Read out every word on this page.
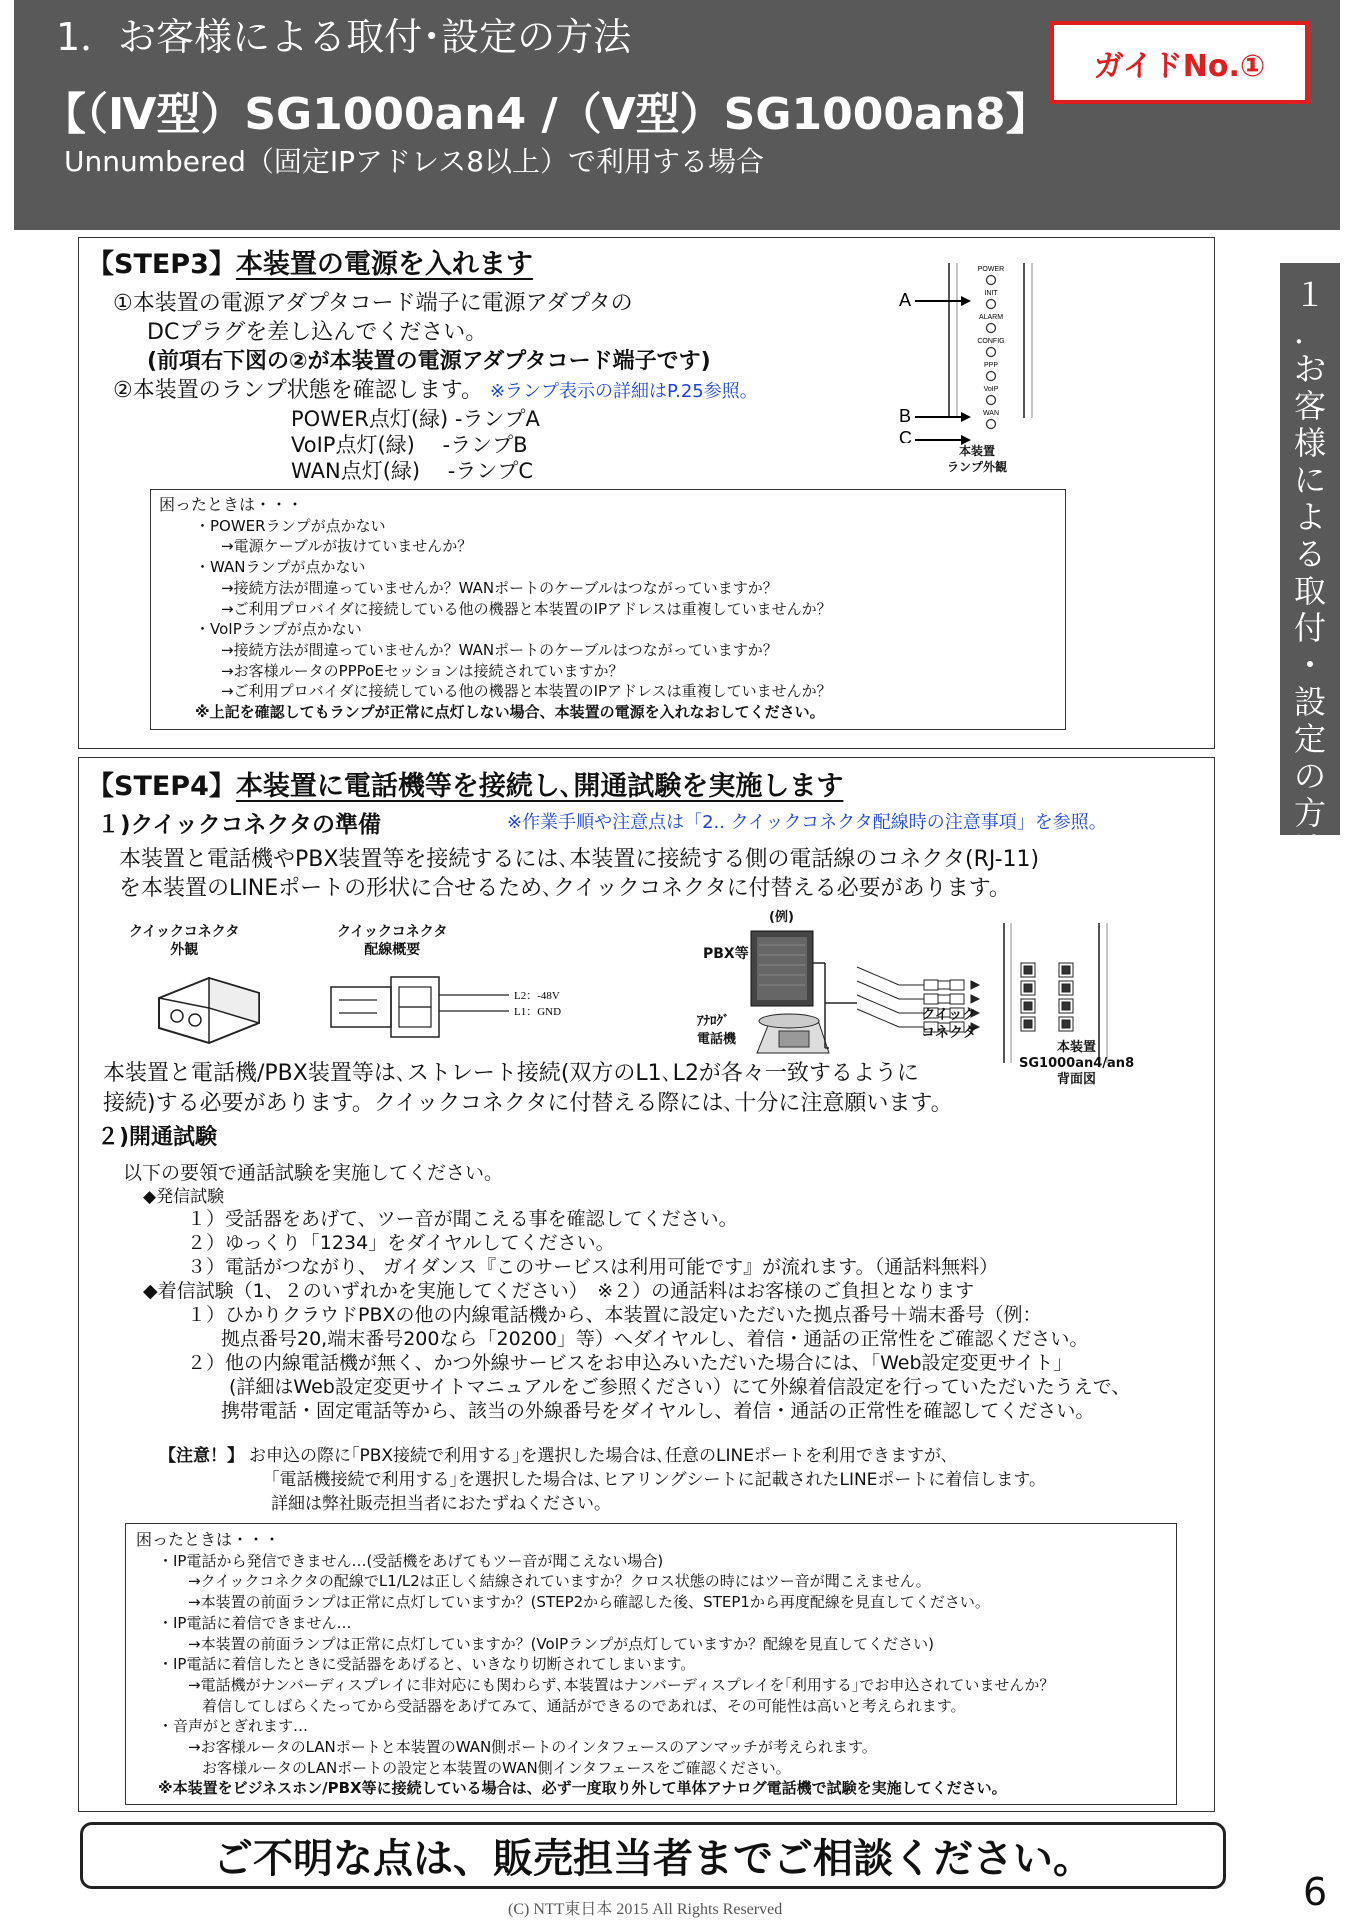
1．お客様による取付･設定の方法
【（Ⅳ型）SG1000an4 /（Ⅴ型）SG1000an8】
Unnumbered（固定IPアドレス8以上）で利用する場合
ガイドNo.①
１
．
お
客
様
に
よ
る
取
付
・
設
定
の
方
法
【STEP3】本装置の電源を入れます
①本装置の電源アダプタコード端子に電源アダプタの
DCプラグを差し込んでください。
(前項右下図の②が本装置の電源アダプタコード端子です)
②本装置のランプ状態を確認します。 ※ランプ表示の詳細はP.25参照。
POWER点灯(緑) -ランプA
VoIP点灯(緑)　 -ランプB
WAN点灯(緑)　 -ランプC
POWER
INIT
ALARM
CONFIG
PPP
VoIP
WAN
A
B
C
本装置
ランプ外観
困ったときは・・・
・POWERランプが点かない
→電源ケーブルが抜けていませんか？
・WANランプが点かない
→接続方法が間違っていませんか？WANポートのケーブルはつながっていますか？
→ご利用プロバイダに接続している他の機器と本装置のIPアドレスは重複していませんか？
・VoIPランプが点かない
→接続方法が間違っていませんか？WANポートのケーブルはつながっていますか？
→お客様ルータのPPPoEセッションは接続されていますか？
→ご利用プロバイダに接続している他の機器と本装置のIPアドレスは重複していませんか？
※上記を確認してもランプが正常に点灯しない場合、本装置の電源を入れなおしてください。
【STEP4】本装置に電話機等を接続し､開通試験を実施します
１)クイックコネクタの準備	※作業手順や注意点は「2.. クイックコネクタ配線時の注意事項」を参照。
本装置と電話機やPBX装置等を接続するには､本装置に接続する側の電話線のコネクタ(RJ-11)
を本装置のLINEポートの形状に合せるため､クイックコネクタに付替える必要があります。
クイックコネクタ
外観
クイックコネクタ
配線概要
L2：-48V
L1：GND
(例)
PBX等
ｱﾅﾛｸﾞ
電話機
クイック
コネクタ
本装置
SG1000an4/an8
背面図
本装置と電話機/PBX装置等は､ストレート接続(双方のL1､L2が各々一致するように
接続)する必要があります。クイックコネクタに付替える際には､十分に注意願います。
２)開通試験
以下の要領で通話試験を実施してください。
◆発信試験
１）受話器をあげて、ツー音が聞こえる事を確認してください。
２）ゆっくり「1234」をダイヤルしてください。
３）電話がつながり、 ガイダンス『このサービスは利用可能です』が流れます。（通話料無料）
◆着信試験（1、２のいずれかを実施してください）　※２）の通話料はお客様のご負担となります
１）ひかりクラウドPBXの他の内線電話機から、本装置に設定いただいた拠点番号＋端末番号（例：
拠点番号20,端末番号200なら「20200」等）へダイヤルし、着信・通話の正常性をご確認ください。
２）他の内線電話機が無く、かつ外線サービスをお申込みいただいた場合には、「Web設定変更サイト」
(詳細はWeb設定変更サイトマニュアルをご参照ください）にて外線着信設定を行っていただいたうえで、
携帯電話・固定電話等から、該当の外線番号をダイヤルし、着信・通話の正常性を確認してください。
【注意！】 お申込の際に｢PBX接続で利用する｣を選択した場合は､任意のLINEポートを利用できますが､
｢電話機接続で利用する｣を選択した場合は､ヒアリングシートに記載されたLINEポートに着信します。
詳細は弊社販売担当者におたずねください。
困ったときは・・・
・IP電話から発信できません…(受話機をあげてもツー音が聞こえない場合)
→クイックコネクタの配線でL1/L2は正しく結線されていますか？クロス状態の時にはツー音が聞こえません。
→本装置の前面ランプは正常に点灯していますか？(STEP2から確認した後、STEP1から再度配線を見直してください。
・IP電話に着信できません…
→本装置の前面ランプは正常に点灯していますか？(VoIPランプが点灯していますか？配線を見直してください)
・IP電話に着信したときに受話器をあげると、いきなり切断されてしまいます。
→電話機がナンバーディスプレイに非対応にも関わらず､本装置はナンバーディスプレイを｢利用する｣でお申込されていませんか？
着信してしばらくたってから受話器をあげてみて、通話ができるのであれば、その可能性は高いと考えられます。
・音声がとぎれます…
→お客様ルータのLANポートと本装置のWAN側ポートのインタフェースのアンマッチが考えられます。
お客様ルータのLANポートの設定と本装置のWAN側インタフェースをご確認ください。
※本装置をビジネスホン/PBX等に接続している場合は、必ず一度取り外して単体アナログ電話機で試験を実施してください。
ご不明な点は、販売担当者までご相談ください。
6
(C) NTT東日本 2015 All Rights Reserved
